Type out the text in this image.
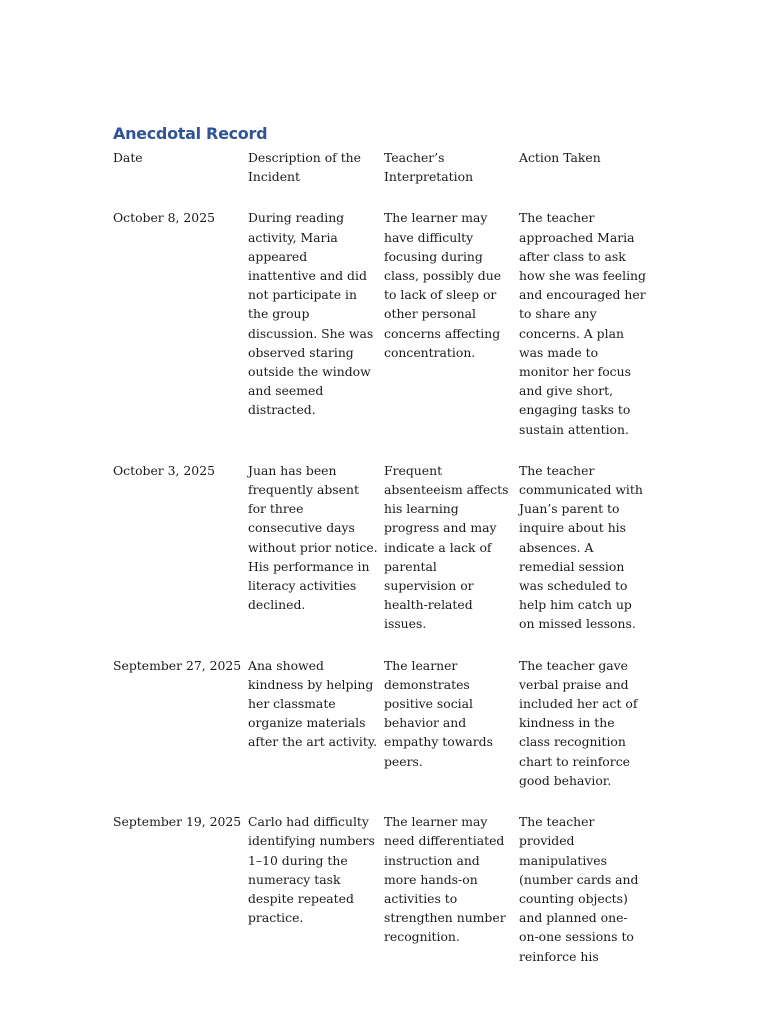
Anecdotal Record
Date	Description of the Incident	Teacher’s Interpretation	Action Taken
October 8, 2025	During reading activity, Maria appeared inattentive and did not participate in the group discussion. She was observed staring outside the window and seemed distracted.	The learner may have difficulty focusing during class, possibly due to lack of sleep or other personal concerns affecting concentration.	The teacher approached Maria after class to ask how she was feeling and encouraged her to share any concerns. A plan was made to monitor her focus and give short, engaging tasks to sustain attention.
October 3, 2025	Juan has been frequently absent for three consecutive days without prior notice. His performance in literacy activities declined.	Frequent absenteeism affects his learning progress and may indicate a lack of parental supervision or health-related issues.	The teacher communicated with Juan’s parent to inquire about his absences. A remedial session was scheduled to help him catch up on missed lessons.
September 27, 2025	Ana showed kindness by helping her classmate organize materials after the art activity.	The learner demonstrates positive social behavior and empathy towards peers.	The teacher gave verbal praise and included her act of kindness in the class recognition chart to reinforce good behavior.
September 19, 2025	Carlo had difficulty identifying numbers 1–10 during the numeracy task despite repeated practice.	The learner may need differentiated instruction and more hands-on activities to strengthen number recognition.	The teacher provided manipulatives (number cards and counting objects) and planned one-on-one sessions to reinforce his
